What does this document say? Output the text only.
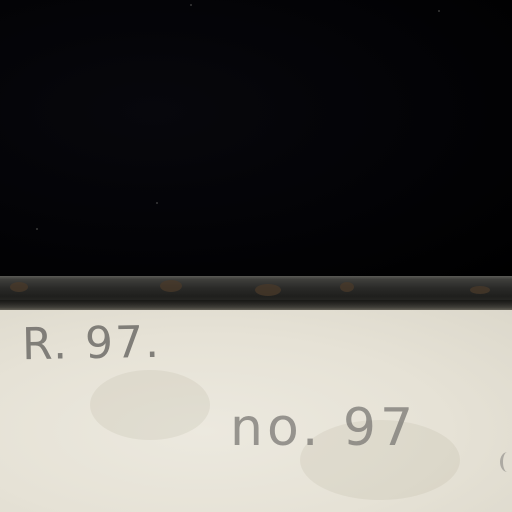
R. 97.
no. 97
